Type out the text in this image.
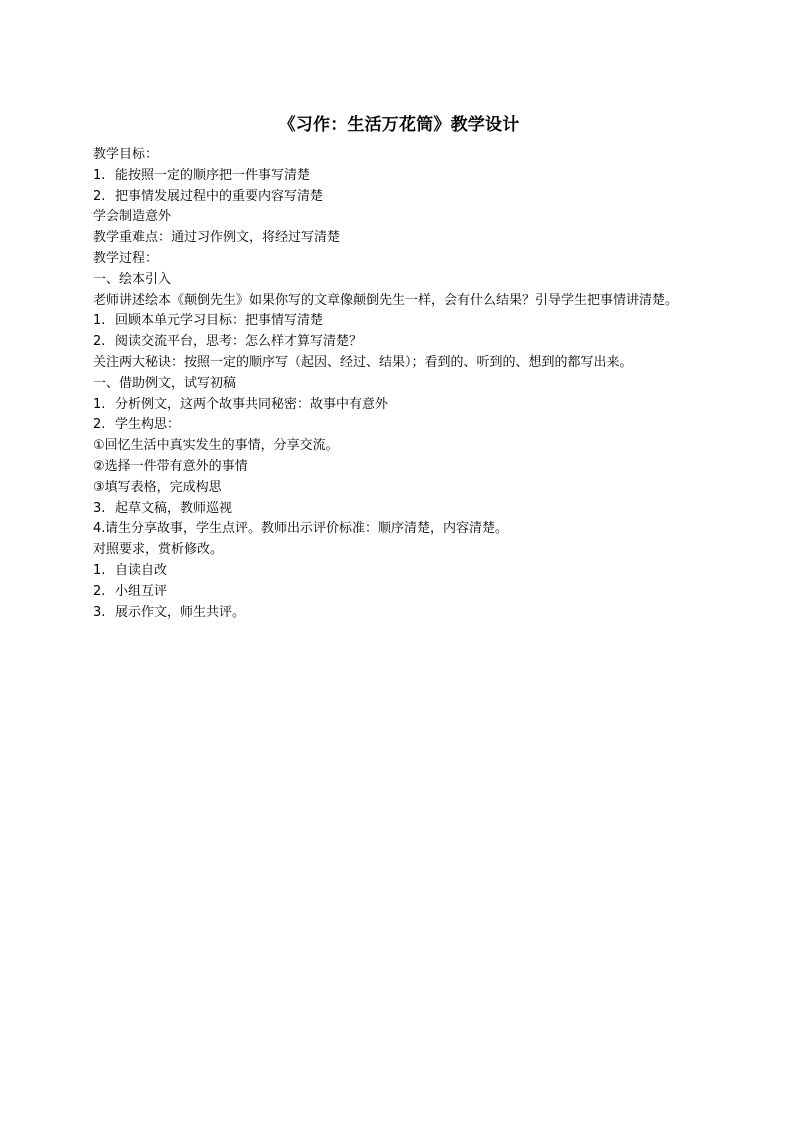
《习作：生活万花筒》教学设计
教学目标：
1. 能按照一定的顺序把一件事写清楚
2. 把事情发展过程中的重要内容写清楚
学会制造意外
教学重难点：通过习作例文，将经过写清楚
教学过程：
一、绘本引入
老师讲述绘本《颠倒先生》如果你写的文章像颠倒先生一样，会有什么结果？引导学生把事情讲清楚。
1. 回顾本单元学习目标：把事情写清楚
2. 阅读交流平台，思考：怎么样才算写清楚？
关注两大秘诀：按照一定的顺序写（起因、经过、结果）；看到的、听到的、想到的都写出来。
一、借助例文，试写初稿
1. 分析例文，这两个故事共同秘密：故事中有意外
2. 学生构思：
①回忆生活中真实发生的事情，分享交流。
②选择一件带有意外的事情
③填写表格，完成构思
3. 起草文稿，教师巡视
4.请生分享故事，学生点评。教师出示评价标准：顺序清楚，内容清楚。
对照要求，赏析修改。
1. 自读自改
2. 小组互评
3. 展示作文，师生共评。
